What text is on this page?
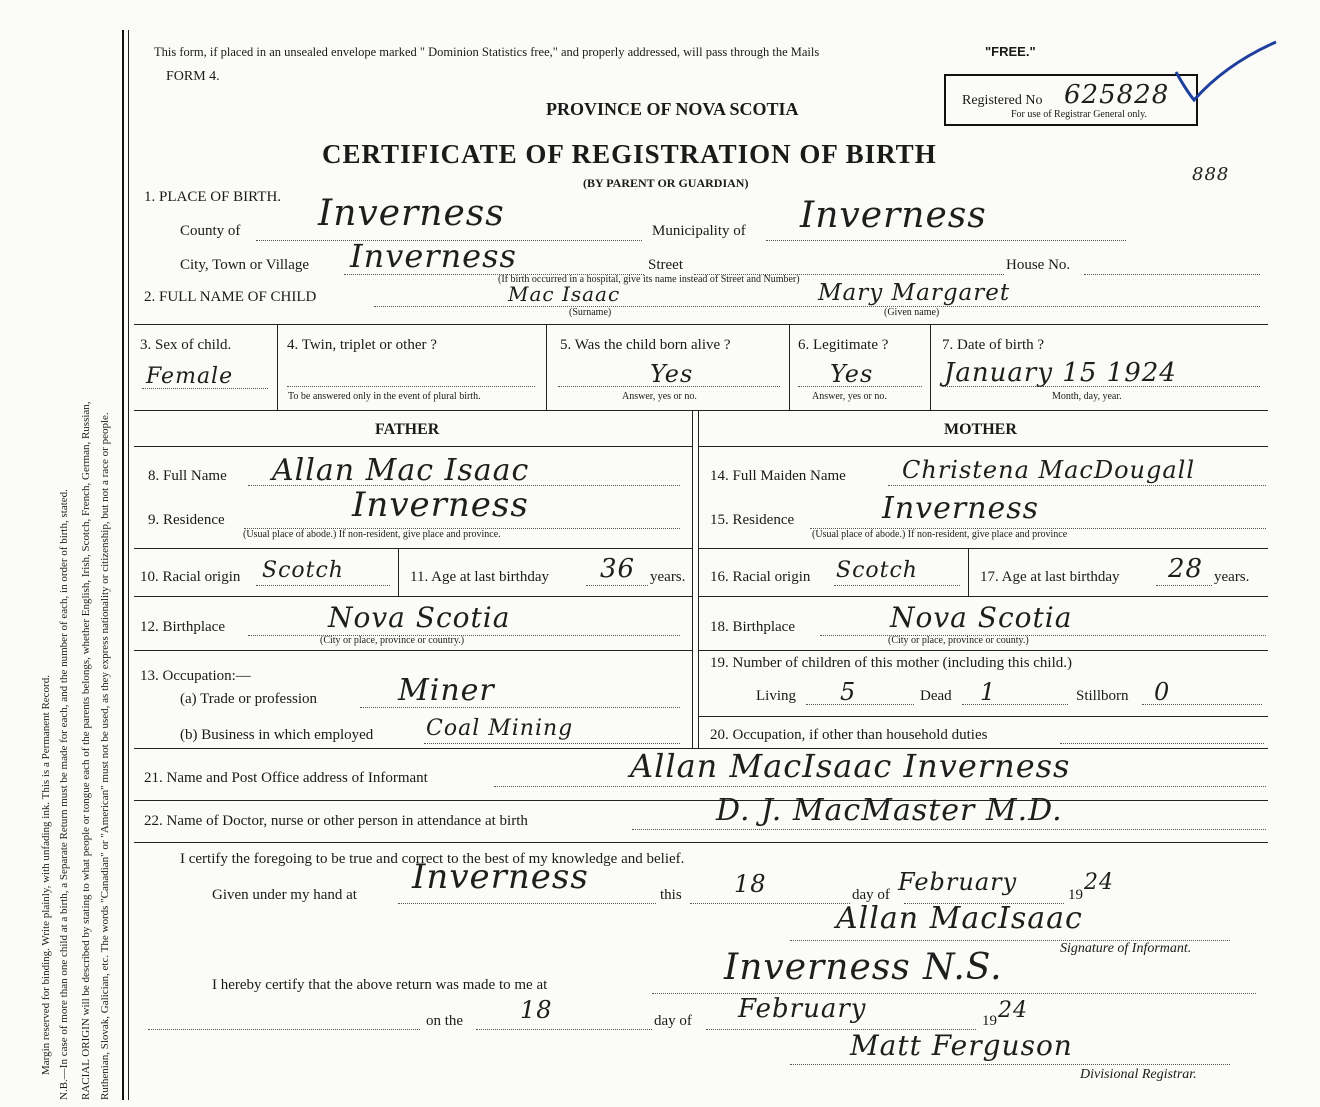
Margin reserved for binding. Write plainly, with unfading ink. This is a Permanent Record. N.B.—In case of more than one child at a birth, a Separate Return must be made for each, and the number of each, in order of birth, stated. RACIAL ORIGIN will be described by stating to what people or tongue each of the parents belongs, whether English, Irish, Scotch, French, German, Russian, Ruthenian, Slovak, Galician, etc. The words "Canadian" or "American" must not be used, as they express nationality or citizenship, but not a race or people.
This form, if placed in an unsealed envelope marked " Dominion Statistics free," and properly addressed, will pass through the Mails	"FREE."
FORM 4.
PROVINCE OF NOVA SCOTIA
CERTIFICATE OF REGISTRATION OF BIRTH
(BY PARENT OR GUARDIAN)
Registered No 625828
For use of Registrar General only.
888
1. PLACE OF BIRTH.
County of Inverness	Municipality of Inverness
City, Town or Village Inverness	Street	House No.
(If birth occurred in a hospital, give its name instead of Street and Number)
2. FULL NAME OF CHILD	Mac Isaac
(Surname)
Mary Margaret
(Given name)
3. Sex of child.
Female
4. Twin, triplet or other ?
To be answered only in the event of plural birth.
5. Was the child born alive ?
Yes
Answer, yes or no.
6. Legitimate ?
Yes
Answer, yes or no.
7. Date of birth ?
January 15 1924
Month, day, year.
FATHER	MOTHER
8. Full Name Allan Mac Isaac	14. Full Maiden Name Christena MacDougall
9. Residence	Inverness
(Usual place of abode.) If non-resident, give place and province.
15. Residence	Inverness
(Usual place of abode.) If non-resident, give place and province
10. Racial origin Scotch	11. Age at last birthday 36 years. 16. Racial origin Scotch	17. Age at last birthday 28 years.
12. Birthplace	Nova Scotia
(City or place, province or country.)
18. Birthplace	Nova Scotia
(City or place, province or county.)
13. Occupation:—
(a) Trade or profession	Miner
(b) Business in which employed Coal Mining
19. Number of children of this mother (including this child.)
Living 5	Dead 1	Stillborn 0
20. Occupation, if other than household duties
21. Name and Post Office address of Informant	Allan MacIsaac Inverness
22. Name of Doctor, nurse or other person in attendance at birth	D. J. MacMaster M.D.
I certify the foregoing to be true and correct to the best of my knowledge and belief.
Given under my hand at Inverness	this 18	day of February	19 24
Allan MacIsaac
Signature of Informant.
I hereby certify that the above return was made to me at	Inverness N.S.
on the 18	day of February	19 24
Matt Ferguson
Divisional Registrar.
